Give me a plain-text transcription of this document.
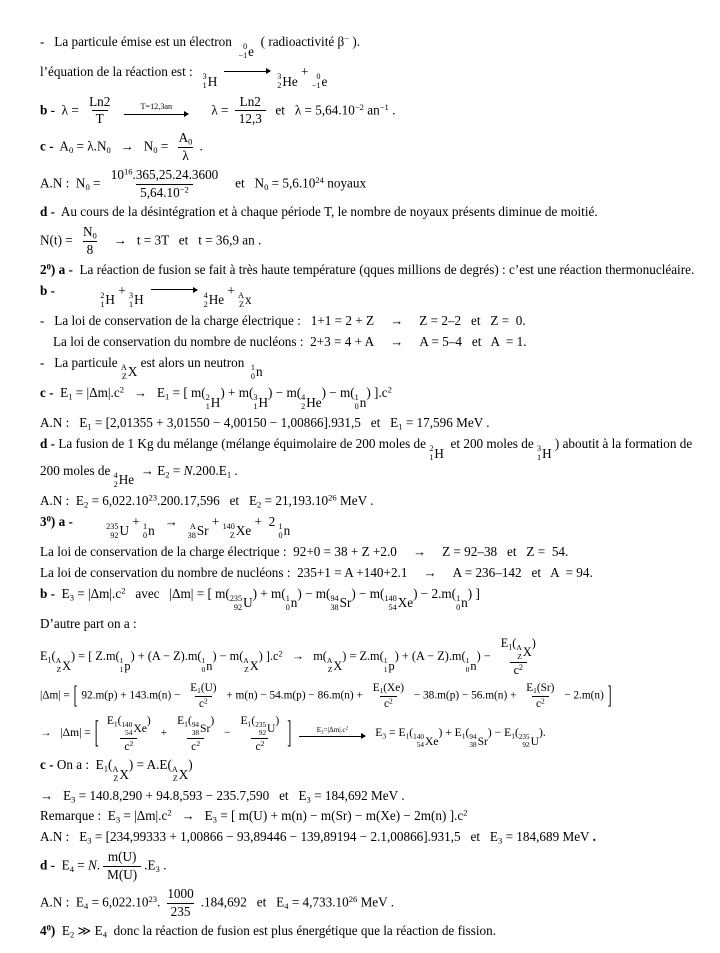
-   La particule émise est un électron 0
−1 e
( radioactivité β− ).
l’équation de la réaction est : 3
1 H → 3
2 He
+ 0
−1 e
$b - \lambda = \frac{Ln2}{T}$	T=12,3an	$\lambda = \frac{Ln2}{12,3}$ et   $\lambda = 5,64.10^{-2}$ $an^{-1}$ .
$c - A_0 = \lambda.N_0 \to N_0 = \frac{A_0}{\lambda}$ .
A.N :  $N_0 = \frac{10^{16}.365,25.24.3600}{5,64.10^{-2}}$ et   $N_0 = 5,6.10^{24}$ noyaux
d -  Au cours de la désintégration et à chaque période T, le nombre de noyaux présents diminue de moitié.
$N(t) = \frac{N_0}{8} \to t = 3T$   et   t = 36,9 an .
$2^0$) a -  La réaction de fusion se fait à très haute température (qques millions de degrés) : c’est une réaction thermonucléaire.
b -	2
1 H
+ 3
1 H → 4
2 He
+ A
Z x
-   La loi de conservation de la charge électrique :   1+1 = 2 + Z → Z = 2–2   et   Z =  0.
La loi de conservation du nombre de nucléons :  2+3 = 4 + A → A = 5–4   et   A  = 1.
-   La particule A
Z X
est alors un neutron 1
0 n
$c - E_1 = |\Delta m|.c^2 \to E_1$ = [ m( 2
1 H
) + m( 3
1 H
) − m( 4
2 He
) − m( 1
0 n
) ]$.c^2$
A.N :   $E_1 = [2,01355 + 3,01550 - 4,00150 - 1,00866].931,5$   et   $E_1 = 17,596$ MeV .
d - La fusion de 1 Kg du mélange (mélange équimolaire de 200 moles de 2
1 H
et 200 moles de 3
1 H
) aboutit à la formation de 200 moles de 4
2 He
→ $E_2 = N.200.E_1$ .
A.N :  $E_2 = 6,022.10^{23}.200.17,596$   et   $E_2 = 21,193.10^{26}$ MeV .
$3^0$) a -	235
92 U
+ 1
0 n
→ A
38 Sr
+ 140
Z Xe
+  2 1
0 n
La loi de conservation de la charge électrique :  92+0 = 38 + Z +2.0 → Z = 92–38   et   Z =  54.
La loi de conservation du nombre de nucléons :  235+1 = A +140+2.1 → A = 236–142   et   A  = 94.
$b - E_3 = |\Delta m|.c^2$   avec   |Δm| = [ m( 235
92 U
) + m( 1
0 n
) − m( 94
38 Sr
) − m( 140
54 Xe
) − 2.m( 1
0 n
) ]
D’autre part on a :
$E_1$( A
Z X
) = [ Z.m( 1
1 p
) + (A − Z).m( 1
0 n
) − m( A
Z X
) ]$.c^2 \to m$( A
Z X
) = Z.m( 1
1 p
) + (A − Z).m( 1
0 n
) − $E_1$( A
Z X
)
$c^2$
|Δm| = [ $92.m(p) + 143.m(n) - \frac{E_1(U)}{c^2} + m(n) - 54.m(p) - 86.m(n) + \frac{E_1(Xe)}{c^2} - 38.m(p) - 56.m(n) + \frac{E_1(Sr)}{c^2} - 2.m(n)$ ]
→   |Δm| = [ $E_1$( 140
54 Xe
)
$c^2 + E_1$( 94
38 Sr
)
$c^2 - E_1$( 235
92 U
)
$c^2$ ]	$E_3=|\Delta m|.c^2$ $E_3 = E_1$( 140
54 Xe
) + $E_1$( 94
38 Sr
) − $E_1$( 235
92 U
).
c - On a :  $E_1$( A
Z X
) = A.E( A
Z X
)
→   $E_3 = 140.8,290 + 94.8,593 - 235.7,590$   et   $E_3 = 184,692$ MeV .
Remarque :  $E_3 = |\Delta m|.c^2 \to E_3$ = [ m(U) + m(n) − m(Sr) − m(Xe) − 2m(n) ]$.c^2$
A.N :   $E_3 = [234,99333 + 1,00866 - 93,89446 - 139,89194 - 2.1,00866].931,5$   et   $E_3 = 184,689$ MeV .
$d - E_4 = N$. $\frac{m(U)}{M(U)} .E_3$ .
A.N :  $E_4 = 6,022.10^{23}$. $\frac{1000}{235} .184,692$   et   $E_4 = 4,733.10^{26}$ MeV .
$4^0$)  $E_2$ ≫ $E_4$  donc la réaction de fusion est plus énergétique que la réaction de fission.
